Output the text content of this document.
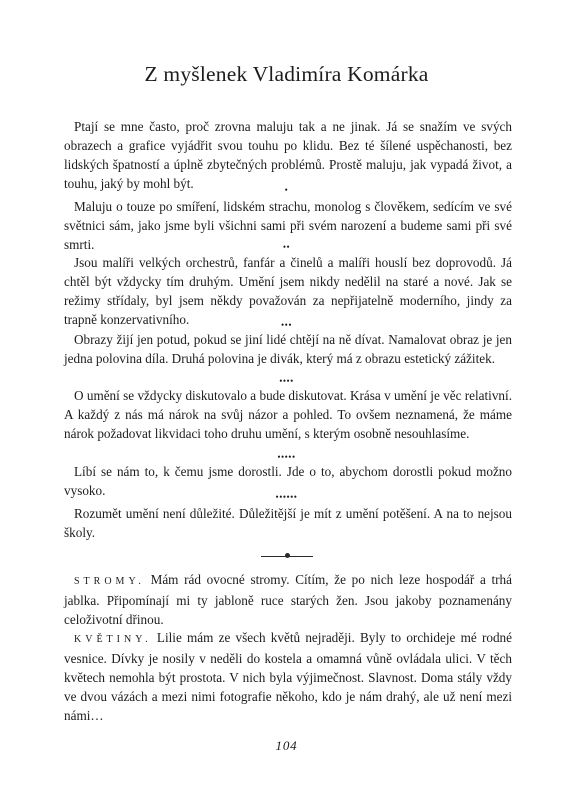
Z myšlenek Vladimíra Komárka

Ptají se mne často, proč zrovna maluju tak a ne jinak. Já se snažím ve svých obrazech a grafice vyjádřit svou touhu po klidu. Bez té šílené uspěchanosti, bez lidských špatností a úplně zbytečných problémů. Prostě maluju, jak vypadá život, a touhu, jaký by mohl být.	•

Maluju o touze po smíření, lidském strachu, monolog s člověkem, sedícím ve své světnici sám, jako jsme byli všichni sami při svém narození a budeme sami při své smrti.	••

Jsou malíři velkých orchestrů, fanfár a činelů a malíři houslí bez doprovodů. Já chtěl být vždycky tím druhým. Umění jsem nikdy nedělil na staré a nové. Jak se režimy střídaly, byl jsem někdy považován za nepřijatelně moderního, jindy za trapně konzervativního.	•••

Obrazy žijí jen potud, pokud se jiní lidé chtějí na ně dívat. Namalovat obraz je jen jedna polovina díla. Druhá polovina je divák, který má z obrazu estetický zážitek.

••••

O umění se vždycky diskutovalo a bude diskutovat. Krása v umění je věc relativní. A každý z nás má nárok na svůj názor a pohled. To ovšem neznamená, že máme nárok požadovat likvidaci toho druhu umění, s kterým osobně nesouhlasíme.

•••••

Líbí se nám to, k čemu jsme dorostli. Jde o to, abychom dorostli pokud možno vysoko.	••••••

Rozumět umění není důležité. Důležitější je mít z umění potěšení. A na to nejsou školy.

STROMY. Mám rád ovocné stromy. Cítím, že po nich leze hospodář a trhá jablka. Připomínají mi ty jabloně ruce starých žen. Jsou jakoby poznamenány celoživotní dřinou.

KVĚTINY. Lilie mám ze všech květů nejraději. Byly to orchideje mé rodné vesnice. Dívky je nosily v neděli do kostela a omamná vůně ovládala ulici. V těch květech nemohla být prostota. V nich byla výjimečnost. Slavnost. Doma stály vždy ve dvou vázách a mezi nimi fotografie někoho, kdo je nám drahý, ale už není mezi námi…

104
